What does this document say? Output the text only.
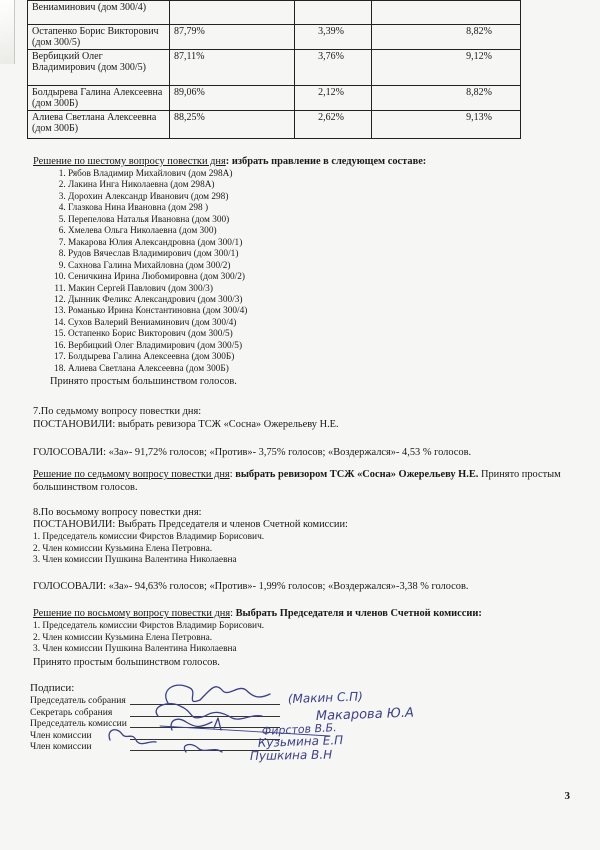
Вениаминович (дом 300/4)			
Остапенко Борис Викторович (дом 300/5)	87,79%	3,39%	8,82%
Вербицкий Олег Владимирович (дом 300/5)	87,11%	3,76%	9,12%
Болдырева Галина Алексеевна (дом 300Б)	89,06%	2,12%	8,82%
Алиева Светлана Алексеевна (дом 300Б)	88,25%	2,62%	9,13%
Решение по шестому вопросу повестки дня: избрать правление в следующем составе:
1. Рябов Владимир Михайлович (дом 298А)
2. Лакина Инга Николаевна (дом 298А)
3. Дорохин Александр Иванович (дом 298)
4. Глазкова Нина Ивановна (дом 298 )
5. Перепелова Наталья Ивановна (дом 300)
6. Хмелева Ольга Николаевна (дом 300)
7. Макарова Юлия Александровна (дом 300/1)
8. Рудов Вячеслав Владимирович (дом 300/1)
9. Сахнова Галина Михайловна (дом 300/2)
10. Сеничкина Ирина Любомировна (дом 300/2)
11. Макин Сергей Павлович (дом 300/3)
12. Дынник Феликс Александрович (дом 300/3)
13. Романько Ирина Константиновна (дом 300/4)
14. Сухов Валерий Вениаминович (дом 300/4)
15. Остапенко Борис Викторович (дом 300/5)
16. Вербицкий Олег Владимирович (дом 300/5)
17. Болдырева Галина Алексеевна (дом 300Б)
18. Алиева Светлана Алексеевна (дом 300Б)
Принято простым большинством голосов.
7.По седьмому вопросу повестки дня:
ПОСТАНОВИЛИ: выбрать ревизора ТСЖ «Сосна» Ожерельеву Н.Е.
ГОЛОСОВАЛИ: «За»- 91,72% голосов; «Против»- 3,75% голосов; «Воздержался»- 4,53 % голосов.
Решение по седьмому вопросу повестки дня: выбрать ревизором ТСЖ «Сосна» Ожерельеву Н.Е. Принято простым большинством голосов.
8.По восьмому вопросу повестки дня:
ПОСТАНОВИЛИ: Выбрать Председателя и членов Счетной комиссии:
1. Председатель комиссии Фирстов Владимир Борисович.
2. Член комиссии Кузьмина Елена Петровна.
3. Член комиссии Пушкина Валентина Николаевна
ГОЛОСОВАЛИ: «За»- 94,63% голосов; «Против»- 1,99% голосов; «Воздержался»-3,38 % голосов.
Решение по восьмому вопросу повестки дня: Выбрать Председателя и членов Счетной комиссии:
1. Председатель комиссии Фирстов Владимир Борисович.
2. Член комиссии Кузьмина Елена Петровна.
3. Член комиссии Пушкина Валентина Николаевна
Принято простым большинством голосов.
Подписи:
Председатель собрания
Секретарь собрания
Председатель комиссии
Член комиссии
Член комиссии
(Макин С.П)
Макарова Ю.А
Фирстов В.Б.
Кузьмина Е.П
Пушкина В.Н
3
